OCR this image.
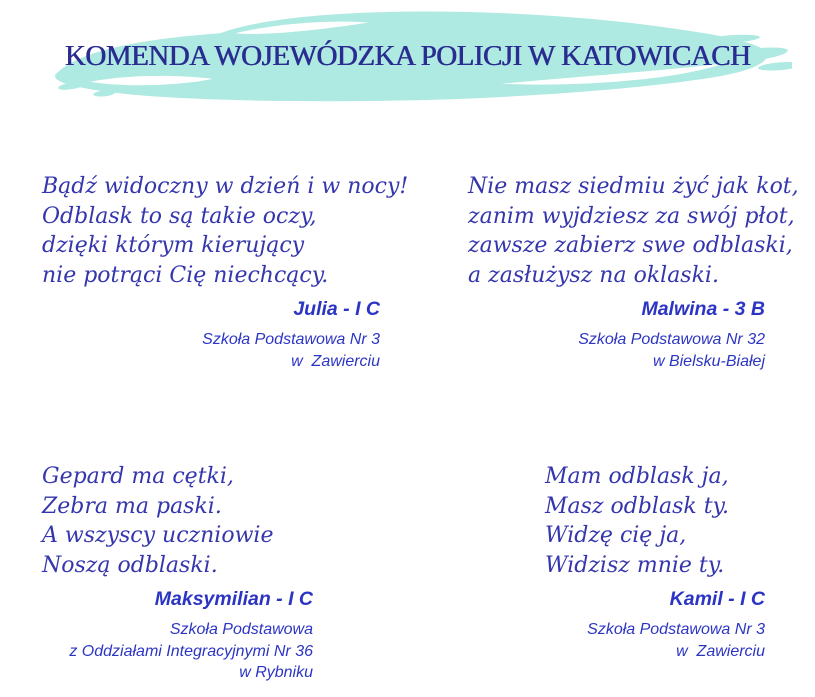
KOMENDA WOJEWÓDZKA POLICJI W KATOWICACH
Bądź widoczny w dzień i w nocy!
Odblask to są takie oczy,
dzięki którym kierujący
nie potrąci Cię niechcący.
Julia - I C
Szkoła Podstawowa Nr 3
w  Zawierciu
Nie masz siedmiu żyć jak kot,
zanim wyjdziesz za swój płot,
zawsze zabierz swe odblaski,
a zasłużysz na oklaski.
Malwina - 3 B
Szkoła Podstawowa Nr 32
w Bielsku-Białej
Gepard ma cętki,
Zebra ma paski.
A wszyscy uczniowie
Noszą odblaski.
Maksymilian - I C
Szkoła Podstawowa
z Oddziałami Integracyjnymi Nr 36
w Rybniku
Mam odblask ja,
Masz odblask ty.
Widzę cię ja,
Widzisz mnie ty.
Kamil - I C
Szkoła Podstawowa Nr 3
w  Zawierciu
